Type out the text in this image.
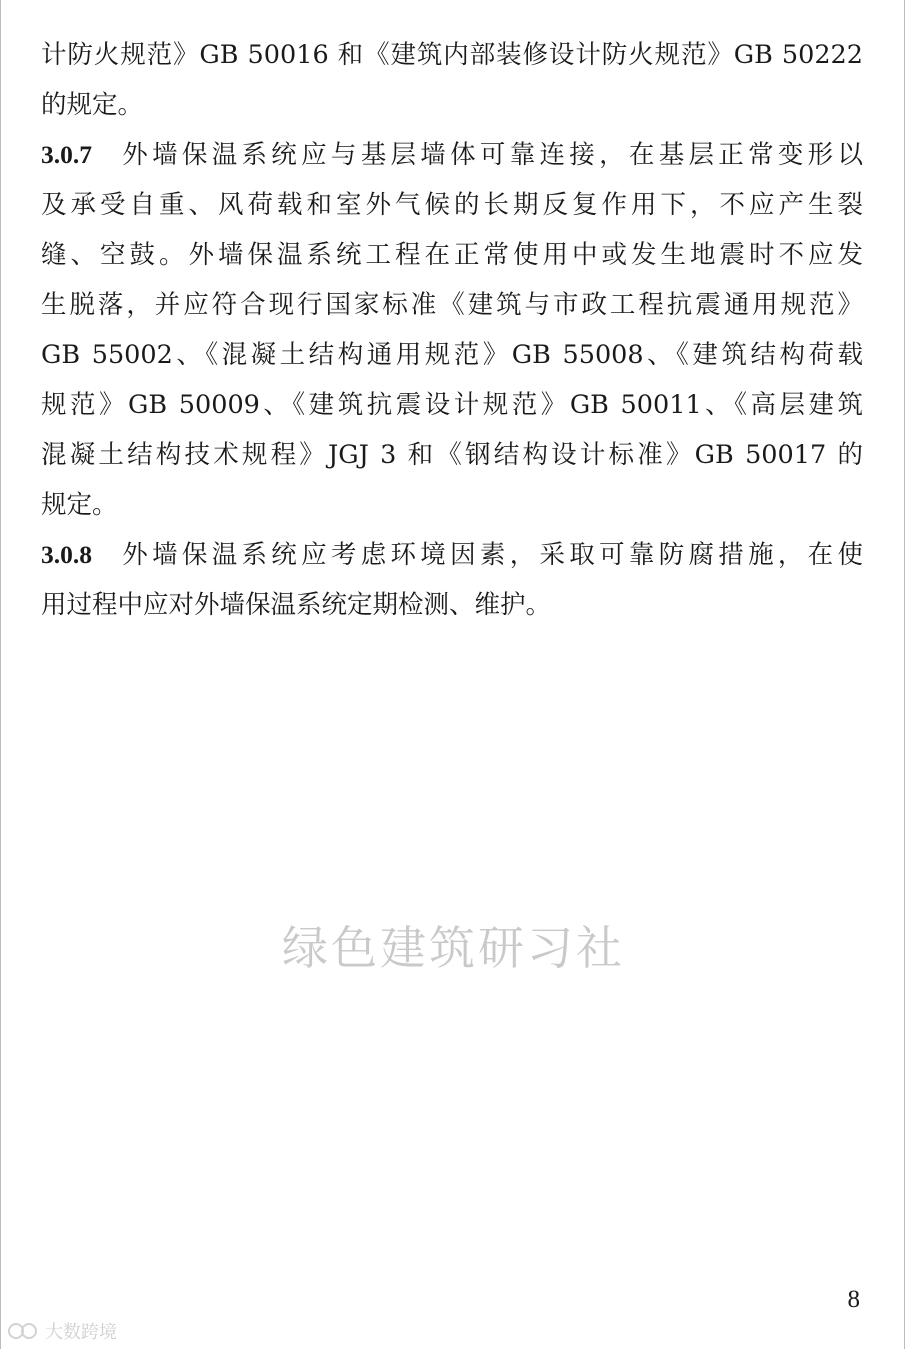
计防火规范》GB 50016 和《建筑内部装修设计防火规范》GB 50222
的规定。
3.0.7 外墙保温系统应与基层墙体可靠连接，在基层正常变形以
及承受自重、风荷载和室外气候的长期反复作用下，不应产生裂
缝、空鼓。外墙保温系统工程在正常使用中或发生地震时不应发
生脱落，并应符合现行国家标准《建筑与市政工程抗震通用规范》
GB 55002、《混凝土结构通用规范》GB 55008、《建筑结构荷载
规范》GB 50009、《建筑抗震设计规范》GB 50011、《高层建筑
混凝土结构技术规程》JGJ 3 和《钢结构设计标准》GB 50017 的
规定。
3.0.8 外墙保温系统应考虑环境因素，采取可靠防腐措施，在使
用过程中应对外墙保温系统定期检测、维护。
绿色建筑研习社
8
大数跨境
